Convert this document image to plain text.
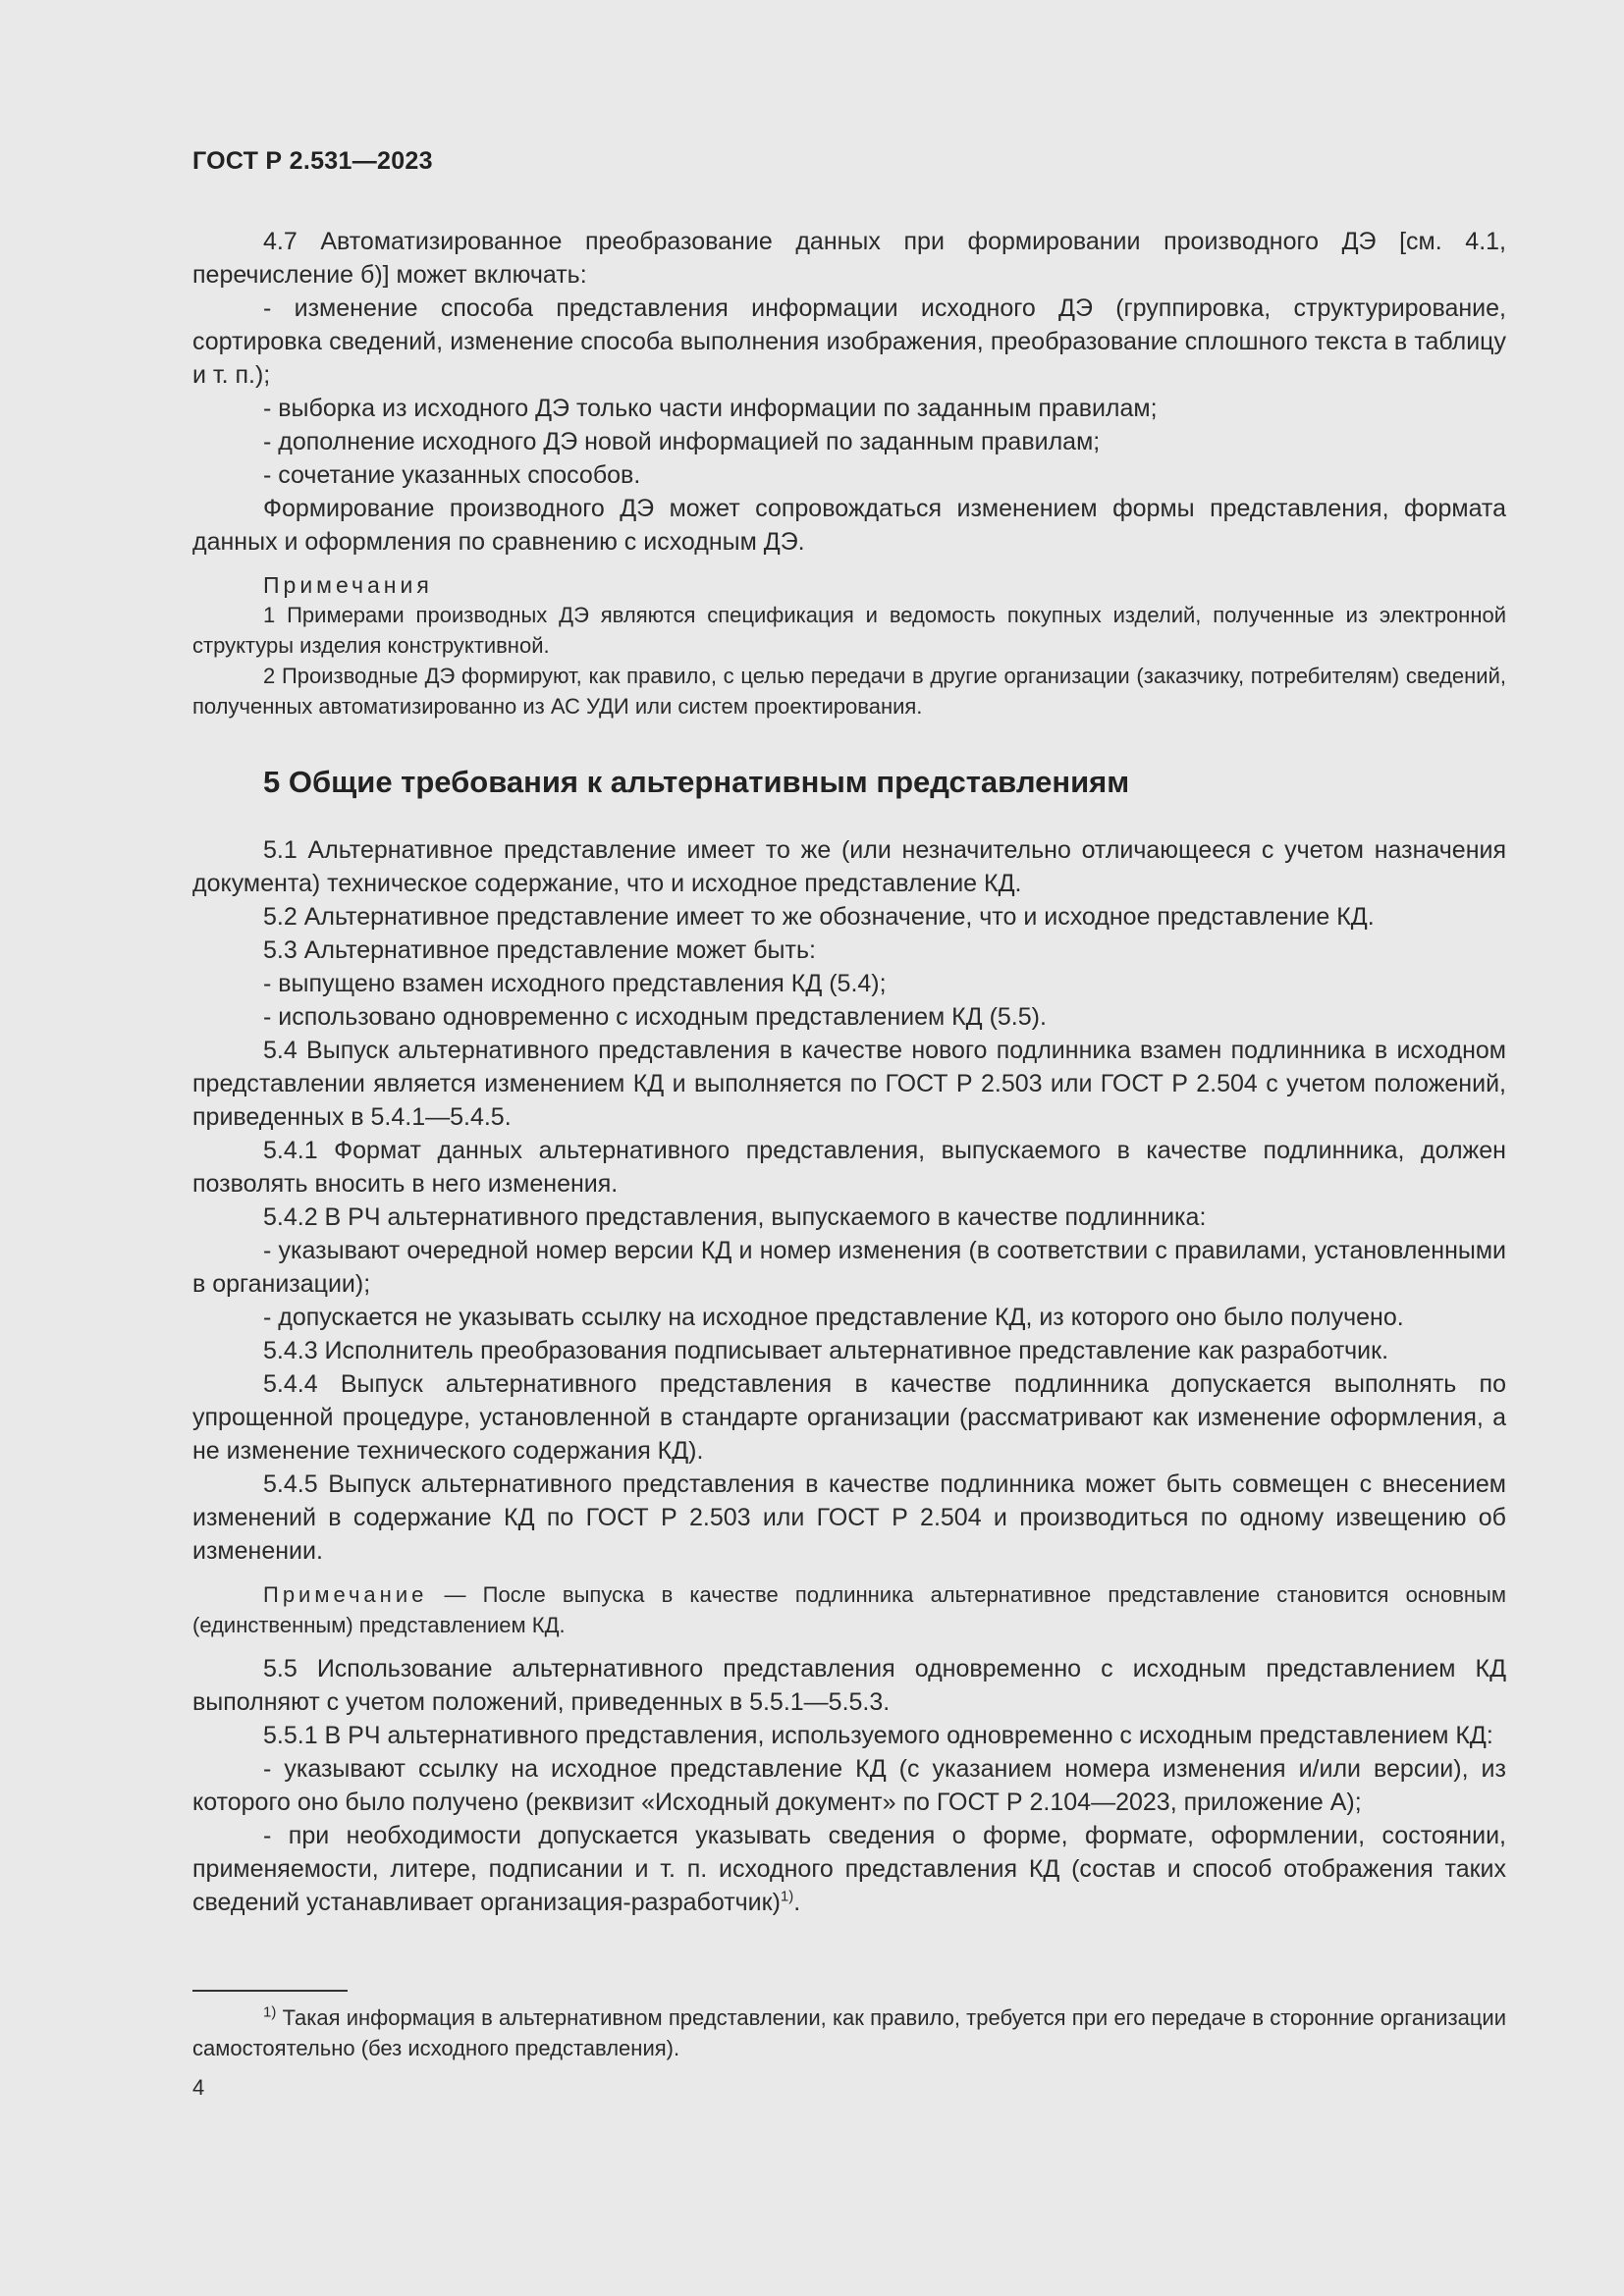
ГОСТ Р 2.531—2023

4.7 Автоматизированное преобразование данных при формировании производного ДЭ [см. 4.1, перечисление б)] может включать:

- изменение способа представления информации исходного ДЭ (группировка, структурирование, сортировка сведений, изменение способа выполнения изображения, преобразование сплошного текста в таблицу и т. п.);

- выборка из исходного ДЭ только части информации по заданным правилам;

- дополнение исходного ДЭ новой информацией по заданным правилам;

- сочетание указанных способов.

Формирование производного ДЭ может сопровождаться изменением формы представления, формата данных и оформления по сравнению с исходным ДЭ.

Примечания

1 Примерами производных ДЭ являются спецификация и ведомость покупных изделий, полученные из электронной структуры изделия конструктивной.

2 Производные ДЭ формируют, как правило, с целью передачи в другие организации (заказчику, потребителям) сведений, полученных автоматизированно из АС УДИ или систем проектирования.

5 Общие требования к альтернативным представлениям

5.1 Альтернативное представление имеет то же (или незначительно отличающееся с учетом назначения документа) техническое содержание, что и исходное представление КД.

5.2 Альтернативное представление имеет то же обозначение, что и исходное представление КД.

5.3 Альтернативное представление может быть:

- выпущено взамен исходного представления КД (5.4);

- использовано одновременно с исходным представлением КД (5.5).

5.4 Выпуск альтернативного представления в качестве нового подлинника взамен подлинника в исходном представлении является изменением КД и выполняется по ГОСТ Р 2.503 или ГОСТ Р 2.504 с учетом положений, приведенных в 5.4.1—5.4.5.

5.4.1 Формат данных альтернативного представления, выпускаемого в качестве подлинника, должен позволять вносить в него изменения.

5.4.2 В РЧ альтернативного представления, выпускаемого в качестве подлинника:

- указывают очередной номер версии КД и номер изменения (в соответствии с правилами, установленными в организации);

- допускается не указывать ссылку на исходное представление КД, из которого оно было получено.

5.4.3 Исполнитель преобразования подписывает альтернативное представление как разработчик.

5.4.4 Выпуск альтернативного представления в качестве подлинника допускается выполнять по упрощенной процедуре, установленной в стандарте организации (рассматривают как изменение оформления, а не изменение технического содержания КД).

5.4.5 Выпуск альтернативного представления в качестве подлинника может быть совмещен с внесением изменений в содержание КД по ГОСТ Р 2.503 или ГОСТ Р 2.504 и производиться по одному извещению об изменении.

Примечание — После выпуска в качестве подлинника альтернативное представление становится основным (единственным) представлением КД.

5.5 Использование альтернативного представления одновременно с исходным представлением КД выполняют с учетом положений, приведенных в 5.5.1—5.5.3.

5.5.1 В РЧ альтернативного представления, используемого одновременно с исходным представлением КД:

- указывают ссылку на исходное представление КД (с указанием номера изменения и/или версии), из которого оно было получено (реквизит «Исходный документ» по ГОСТ Р 2.104—2023, приложение А);

- при необходимости допускается указывать сведения о форме, формате, оформлении, состоянии, применяемости, литере, подписании и т. п. исходного представления КД (состав и способ отображения таких сведений устанавливает организация-разработчик)$^{1)}$.

$^{1)}$ Такая информация в альтернативном представлении, как правило, требуется при его передаче в сторонние организации самостоятельно (без исходного представления).

4
